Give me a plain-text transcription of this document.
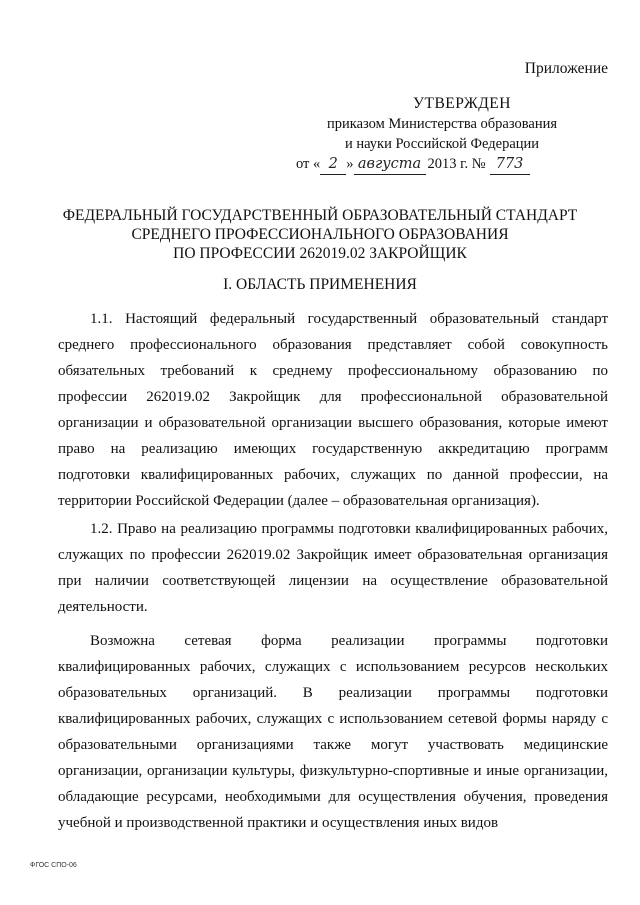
Приложение
УТВЕРЖДЕН
приказом Министерства образования
и науки Российской Федерации
от « 2 » августа 2013 г. № 773
ФЕДЕРАЛЬНЫЙ ГОСУДАРСТВЕННЫЙ ОБРАЗОВАТЕЛЬНЫЙ СТАНДАРТ
СРЕДНЕГО ПРОФЕССИОНАЛЬНОГО ОБРАЗОВАНИЯ
ПО ПРОФЕССИИ 262019.02 ЗАКРОЙЩИК
I. ОБЛАСТЬ ПРИМЕНЕНИЯ

1.1. Настоящий федеральный государственный образовательный стандарт среднего профессионального образования представляет собой совокупность обязательных требований к среднему профессиональному образованию по профессии 262019.02 Закройщик для профессиональной образовательной организации и образовательной организации высшего образования, которые имеют право на реализацию имеющих государственную аккредитацию программ подготовки квалифицированных рабочих, служащих по данной профессии, на территории Российской Федерации (далее – образовательная организация).

1.2. Право на реализацию программы подготовки квалифицированных рабочих, служащих по профессии 262019.02 Закройщик имеет образовательная организация при наличии соответствующей лицензии на осуществление образовательной деятельности.

Возможна сетевая форма реализации программы подготовки квалифицированных рабочих, служащих с использованием ресурсов нескольких образовательных организаций. В реализации программы подготовки квалифицированных рабочих, служащих с использованием сетевой формы наряду с образовательными организациями также могут участвовать медицинские организации, организации культуры, физкультурно-спортивные и иные организации, обладающие ресурсами, необходимыми для осуществления обучения, проведения учебной и производственной практики и осуществления иных видов

ФГОС СПО-06
